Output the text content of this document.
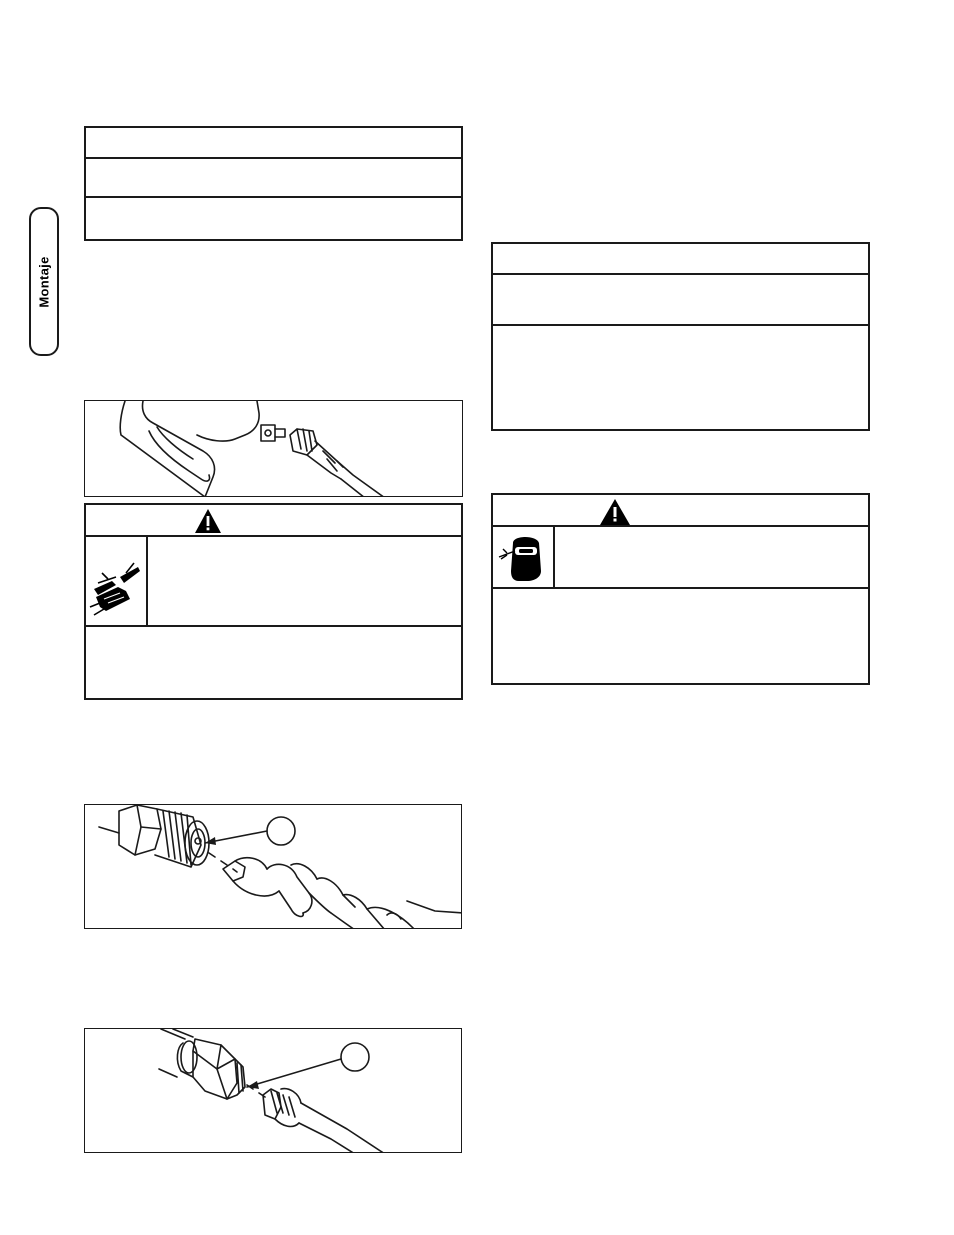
Montaje
